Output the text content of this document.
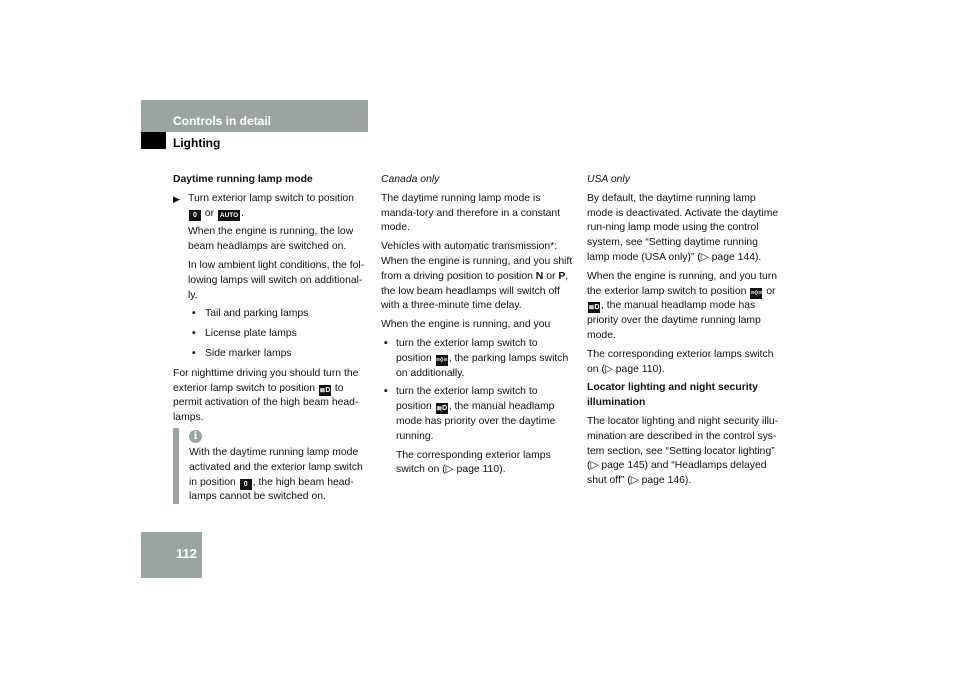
Controls in detail
Lighting

Daytime running lamp mode

▶ Turn exterior lamp switch to position 0 or AUTO .

When the engine is running, the low beam headlamps are switched on.

In low ambient light conditions, the fol-lowing lamps will switch on additional-ly.

• Tail and parking lamps
• License plate lamps
• Side marker lamps

For nighttime driving you should turn the exterior lamp switch to position ≣D to permit activation of the high beam head-lamps.

i
With the daytime running lamp mode activated and the exterior lamp switch in position 0 , the high beam head-lamps cannot be switched on.

Canada only

The daytime running lamp mode is manda-tory and therefore in a constant mode.

Vehicles with automatic transmission*: When the engine is running, and you shift from a driving position to position N or P, the low beam headlamps will switch off with a three-minute time delay.

When the engine is running, and you

• turn the exterior lamp switch to position ≡◊≡, the parking lamps switch on additionally.
• turn the exterior lamp switch to position ≣D , the manual headlamp mode has priority over the daytime running.

The corresponding exterior lamps switch on (▷ page 110).

USA only

By default, the daytime running lamp mode is deactivated. Activate the daytime run-ning lamp mode using the control system, see “Setting daytime running lamp mode (USA only)” (▷ page 144).

When the engine is running, and you turn the exterior lamp switch to position ≡◊≡ or ≣D , the manual headlamp mode has priority over the daytime running lamp mode.

The corresponding exterior lamps switch on (▷ page 110).

Locator lighting and night security illumination

The locator lighting and night security illu-mination are described in the control sys-tem section, see “Setting locator lighting” (▷ page 145) and “Headlamps delayed shut off” (▷ page 146).

112
